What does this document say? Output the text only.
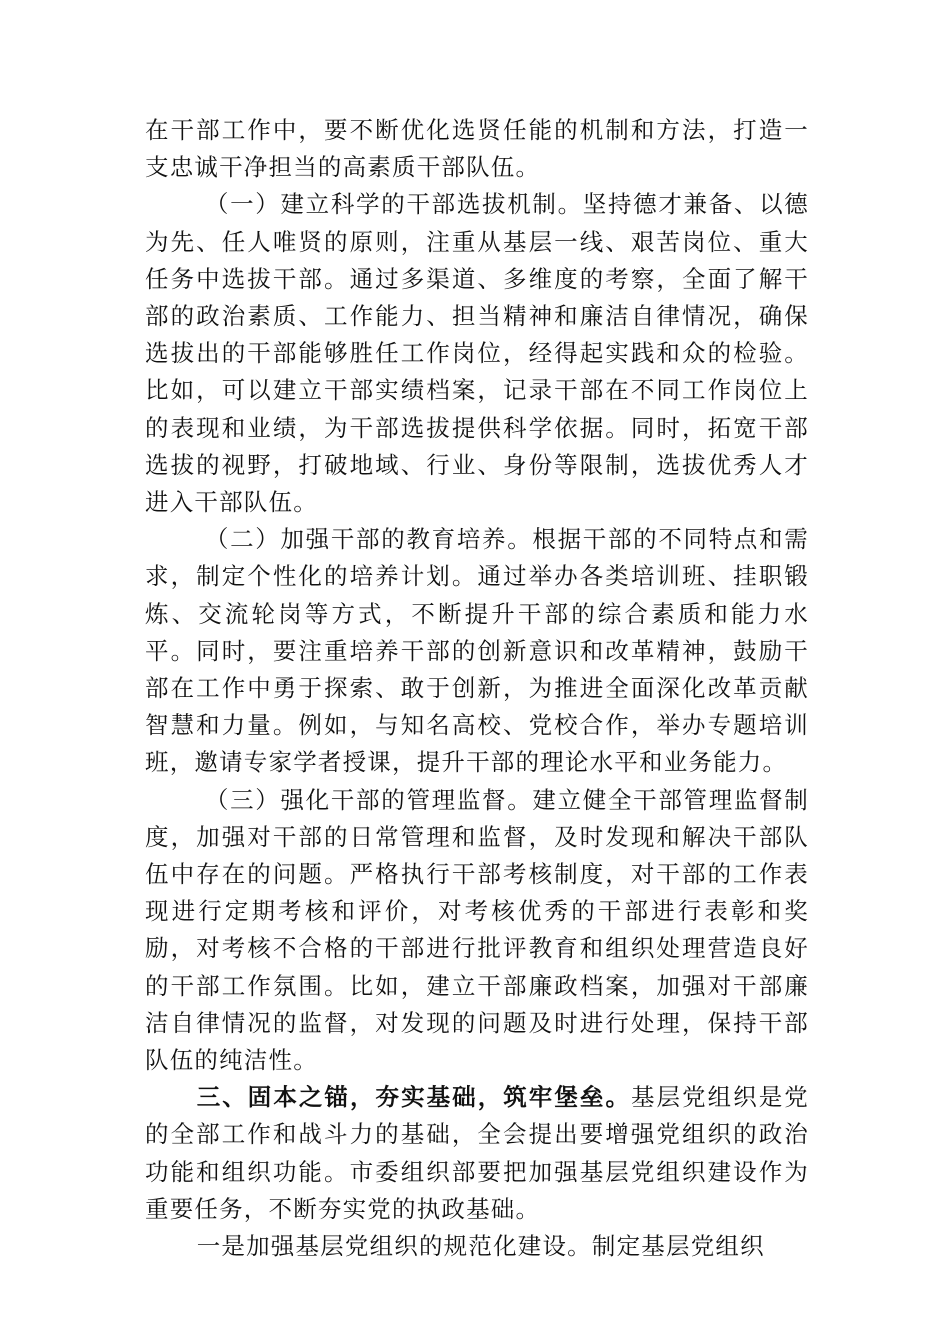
在干部工作中，要不断优化选贤任能的机制和方法，打造一支忠诚干净担当的高素质干部队伍。

（一）建立科学的干部选拔机制。坚持德才兼备、以德为先、任人唯贤的原则，注重从基层一线、艰苦岗位、重大任务中选拔干部。通过多渠道、多维度的考察，全面了解干部的政治素质、工作能力、担当精神和廉洁自律情况，确保选拔出的干部能够胜任工作岗位，经得起实践和众的检验。比如，可以建立干部实绩档案，记录干部在不同工作岗位上的表现和业绩，为干部选拔提供科学依据。同时，拓宽干部选拔的视野，打破地域、行业、身份等限制，选拔优秀人才进入干部队伍。

（二）加强干部的教育培养。根据干部的不同特点和需求，制定个性化的培养计划。通过举办各类培训班、挂职锻炼、交流轮岗等方式，不断提升干部的综合素质和能力水平。同时，要注重培养干部的创新意识和改革精神，鼓励干部在工作中勇于探索、敢于创新，为推进全面深化改革贡献智慧和力量。例如，与知名高校、党校合作，举办专题培训班，邀请专家学者授课，提升干部的理论水平和业务能力。

（三）强化干部的管理监督。建立健全干部管理监督制度，加强对干部的日常管理和监督，及时发现和解决干部队伍中存在的问题。严格执行干部考核制度，对干部的工作表现进行定期考核和评价，对考核优秀的干部进行表彰和奖励，对考核不合格的干部进行批评教育和组织处理营造良好的干部工作氛围。比如，建立干部廉政档案，加强对干部廉洁自律情况的监督，对发现的问题及时进行处理，保持干部队伍的纯洁性。

三、固本之锚，夯实基础，筑牢堡垒。基层党组织是党的全部工作和战斗力的基础，全会提出要增强党组织的政治功能和组织功能。市委组织部要把加强基层党组织建设作为重要任务，不断夯实党的执政基础。

一是加强基层党组织的规范化建设。制定基层党组织
